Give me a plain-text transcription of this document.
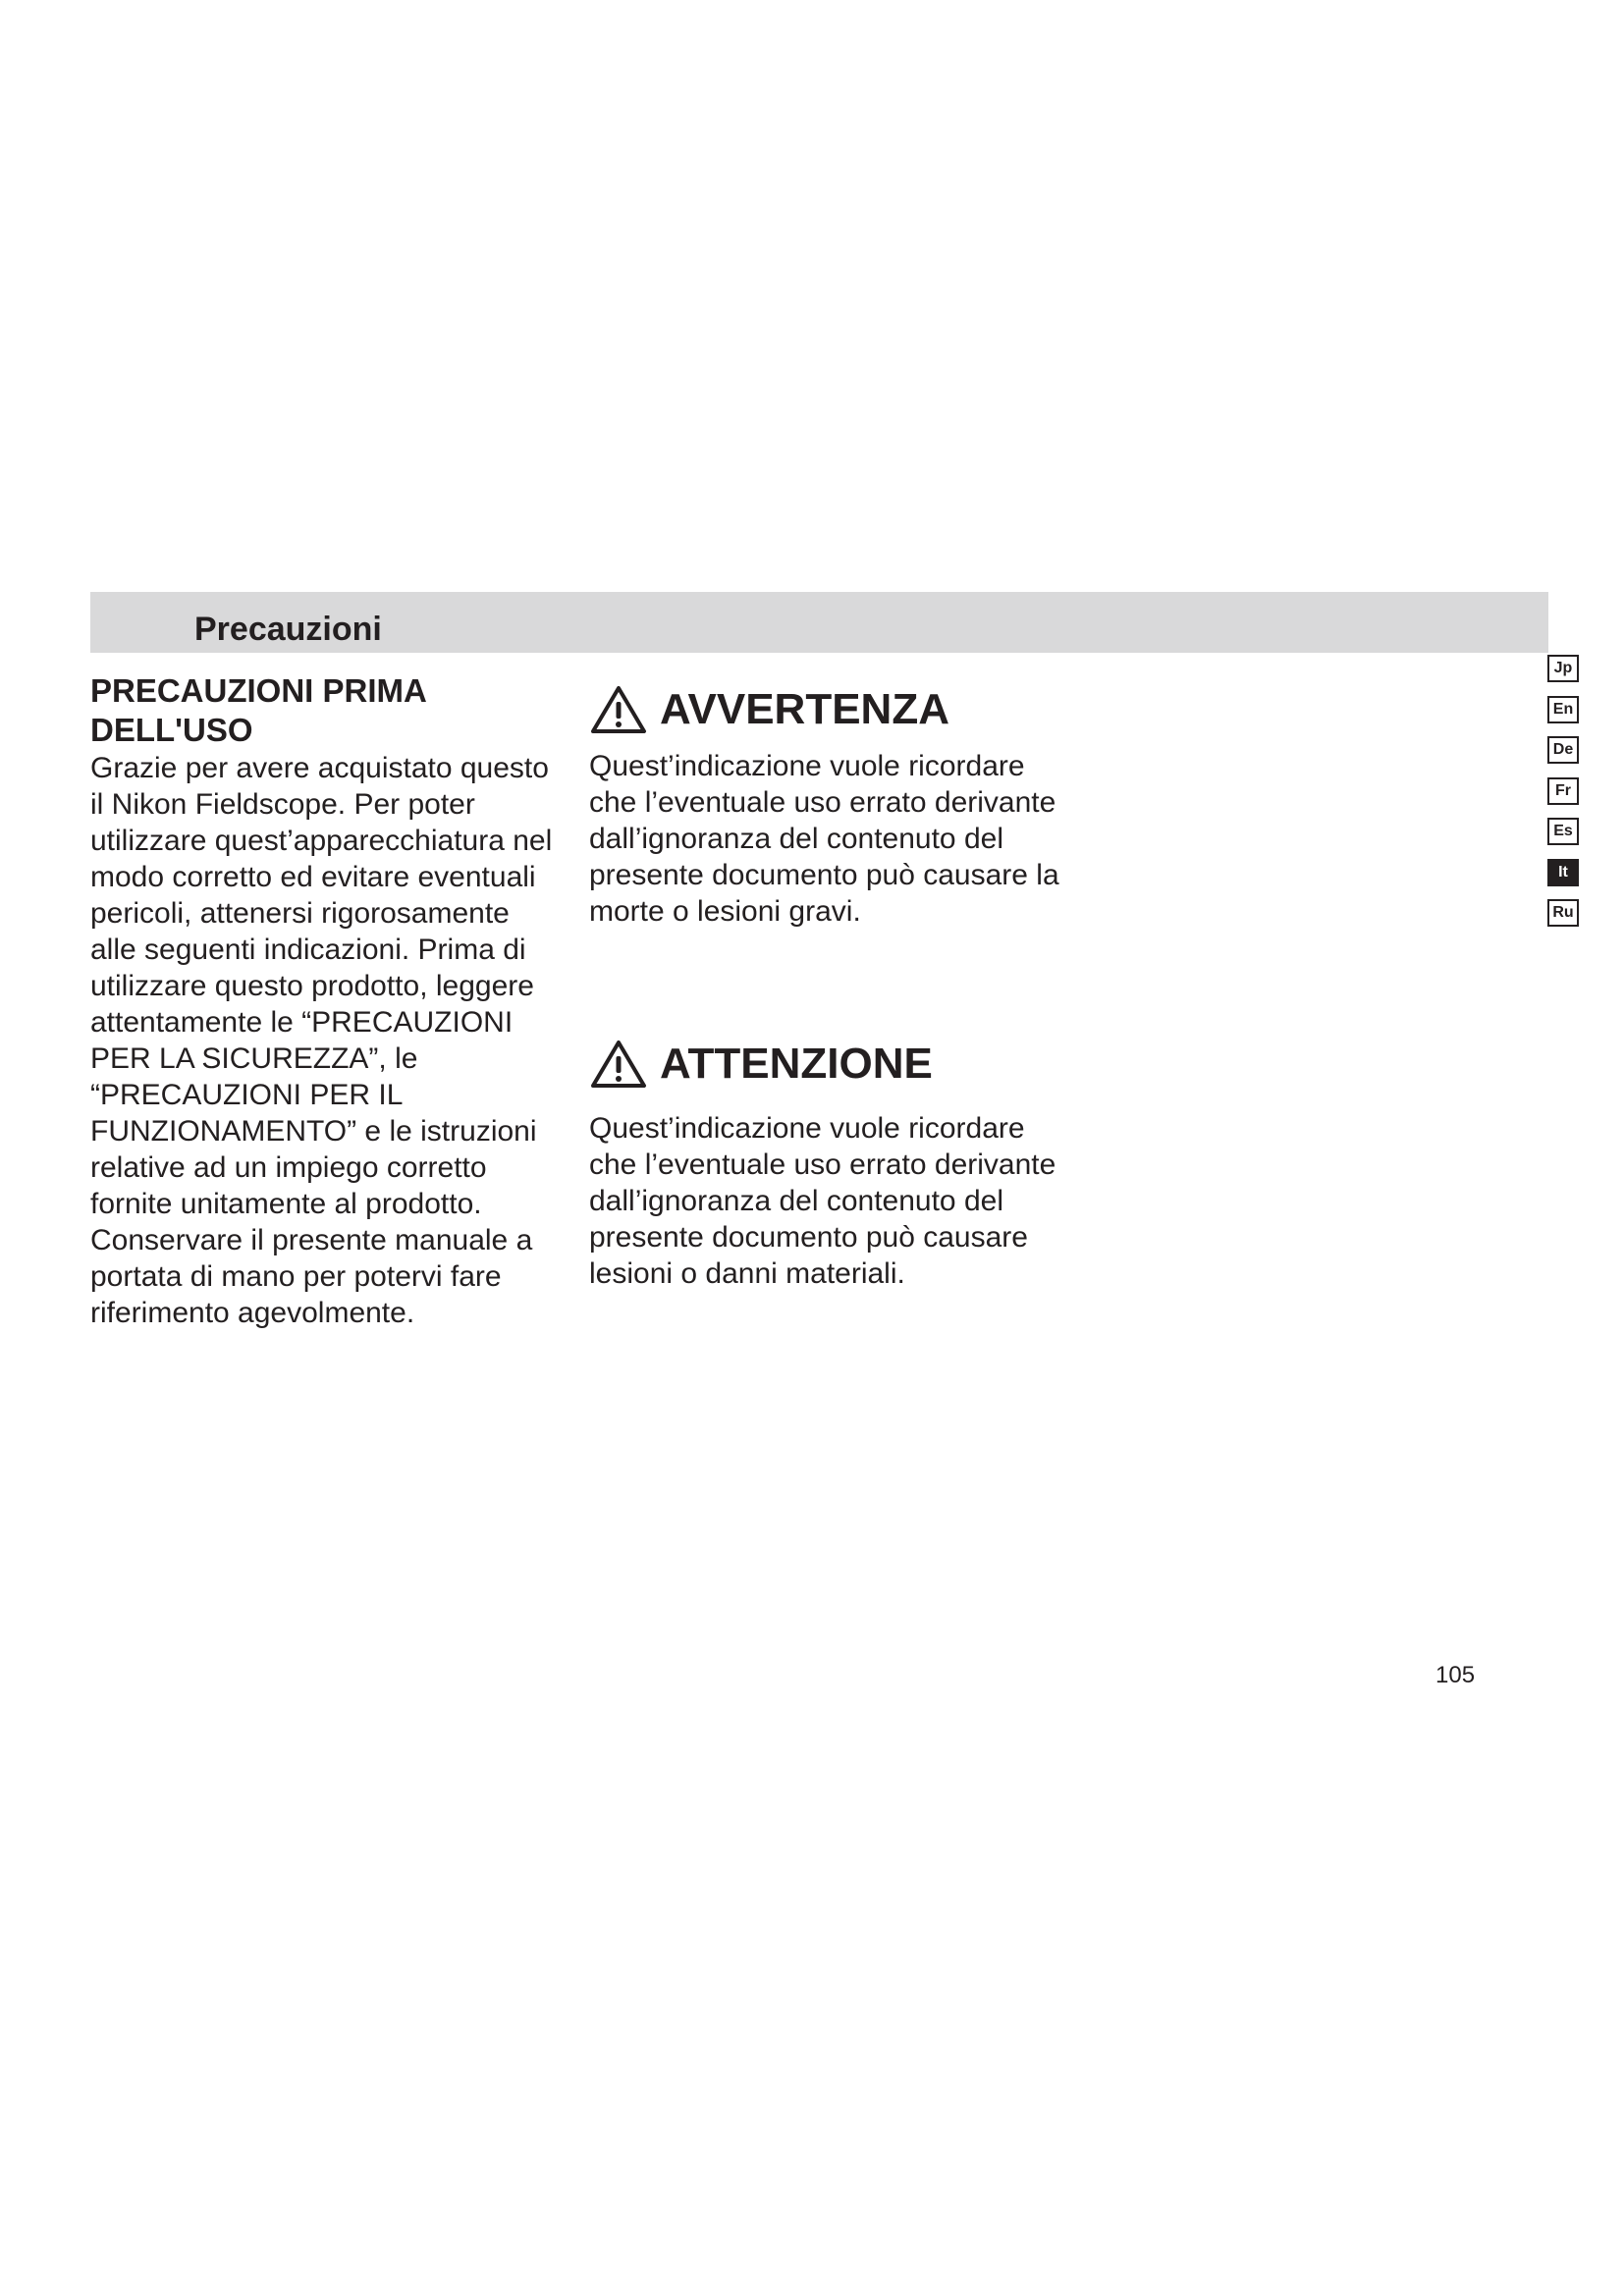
Precauzioni
PRECAUZIONI PRIMA DELL'USO

Grazie per avere acquistato questo il Nikon Fieldscope. Per poter utilizzare quest’apparecchiatura nel modo corretto ed evitare eventuali pericoli, attenersi rigorosamente alle seguenti indicazioni. Prima di utilizzare questo prodotto, leggere attentamente le “PRECAUZIONI PER LA SICUREZZA”, le “PRECAUZIONI PER IL FUNZIONAMENTO” e le istruzioni relative ad un impiego corretto fornite unitamente al prodotto. Conservare il presente manuale a portata di mano per potervi fare riferimento agevolmente.

AVVERTENZA

Quest’indicazione vuole ricordare che l’eventuale uso errato derivante dall’ignoranza del contenuto del presente documento può causare la morte o lesioni gravi.

ATTENZIONE

Quest’indicazione vuole ricordare che l’eventuale uso errato derivante dall’ignoranza del contenuto del presente documento può causare lesioni o danni materiali.

Jp
En
De
Fr
Es
It
Ru
105
